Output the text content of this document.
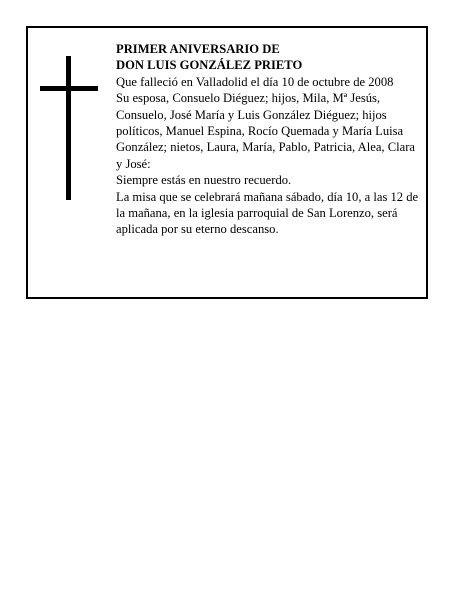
PRIMER ANIVERSARIO DE
DON LUIS GONZÁLEZ PRIETO

Que falleció en Valladolid el día 10 de octubre de 2008

Su esposa, Consuelo Diéguez; hijos, Mila, Mª Jesús, Consuelo, José María y Luis González Diéguez; hijos políticos, Manuel Espina, Rocío Quemada y María Luisa González; nietos, Laura, María, Pablo, Patricia, Alea, Clara y José:

Siempre estás en nuestro recuerdo.

La misa que se celebrará mañana sábado, día 10, a las 12 de la mañana, en la iglesia parroquial de San Lorenzo, será aplicada por su eterno descanso.
